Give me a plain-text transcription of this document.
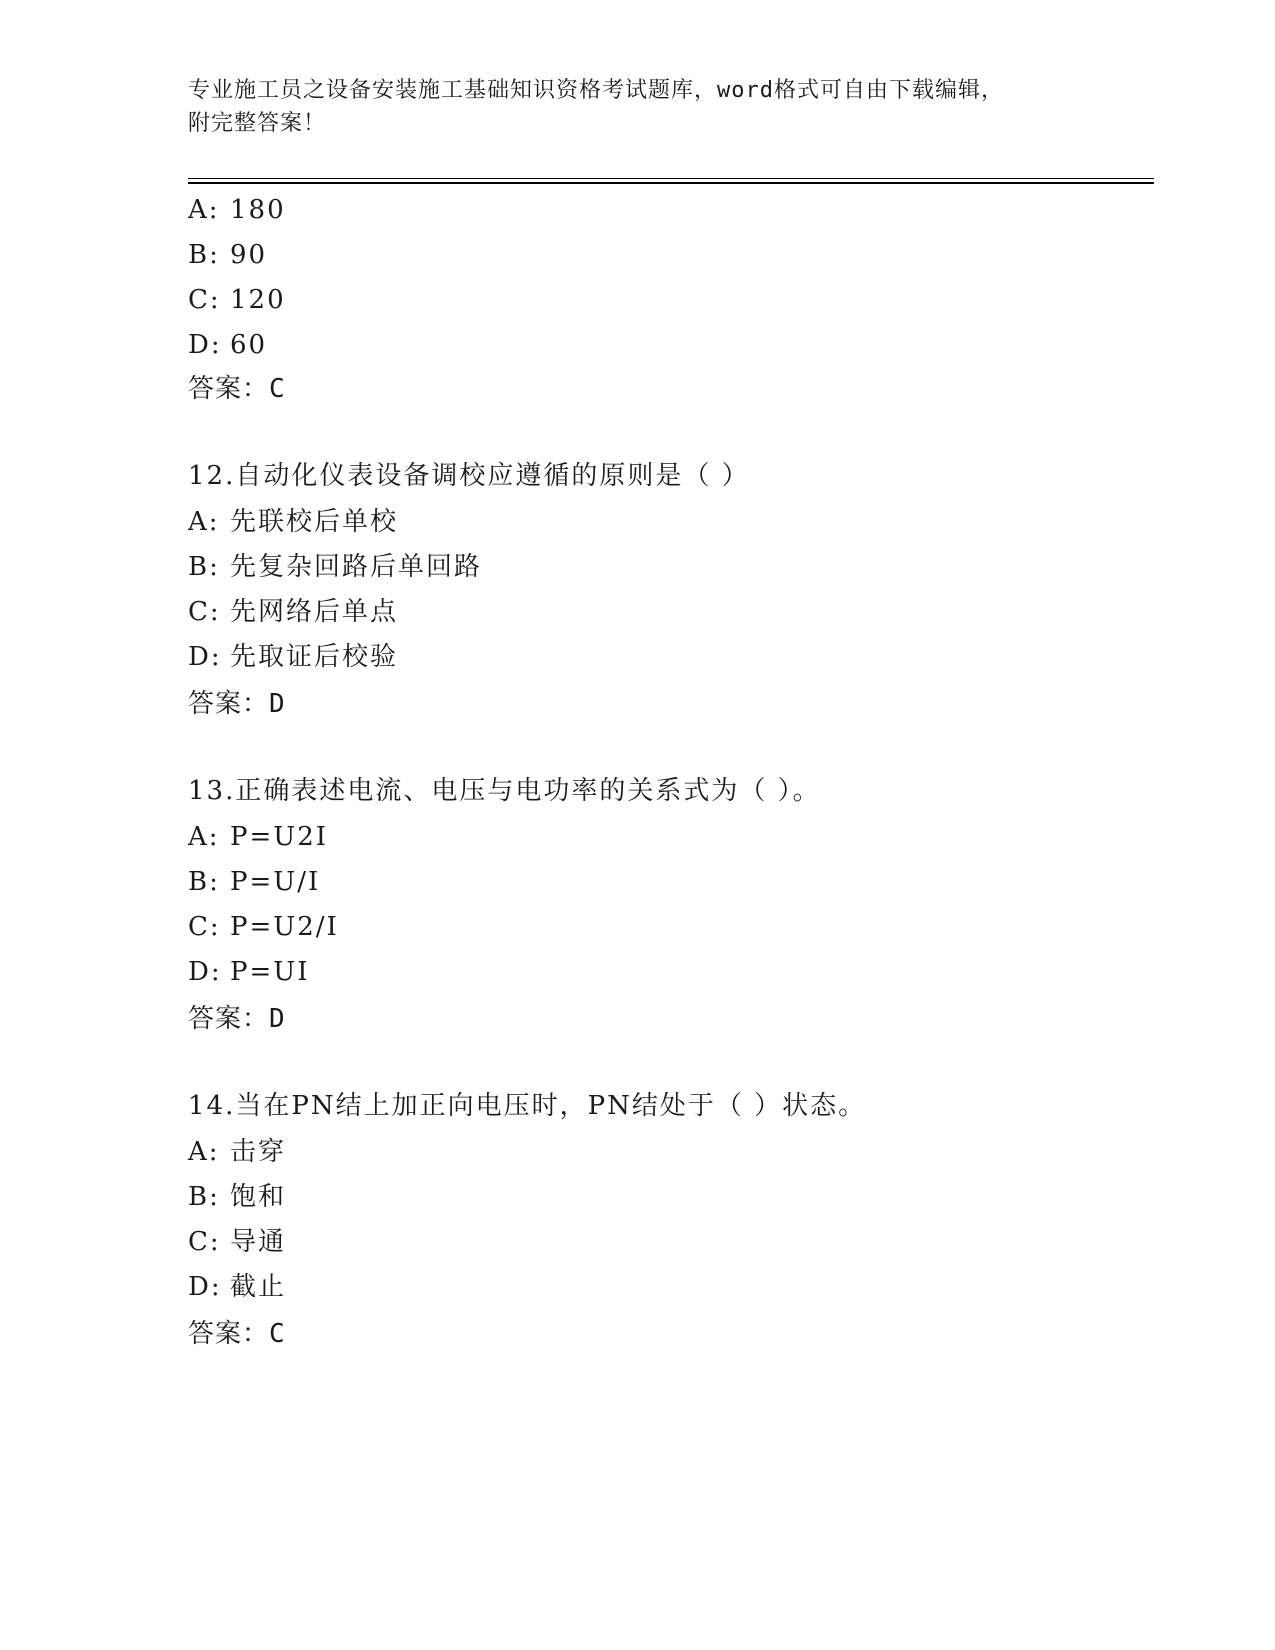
专业施工员之设备安装施工基础知识资格考试题库，word格式可自由下载编辑，
附完整答案！
A: 180
B: 90
C: 120
D: 60
答案：C
12.自动化仪表设备调校应遵循的原则是（ ）
A: 先联校后单校
B: 先复杂回路后单回路
C: 先网络后单点
D: 先取证后校验
答案：D
13.正确表述电流、电压与电功率的关系式为（ ）。
A: P=U2I
B: P=U/I
C: P=U2/I
D: P=UI
答案：D
14.当在PN结上加正向电压时，PN结处于（ ）状态。
A: 击穿
B: 饱和
C: 导通
D: 截止
答案：C
